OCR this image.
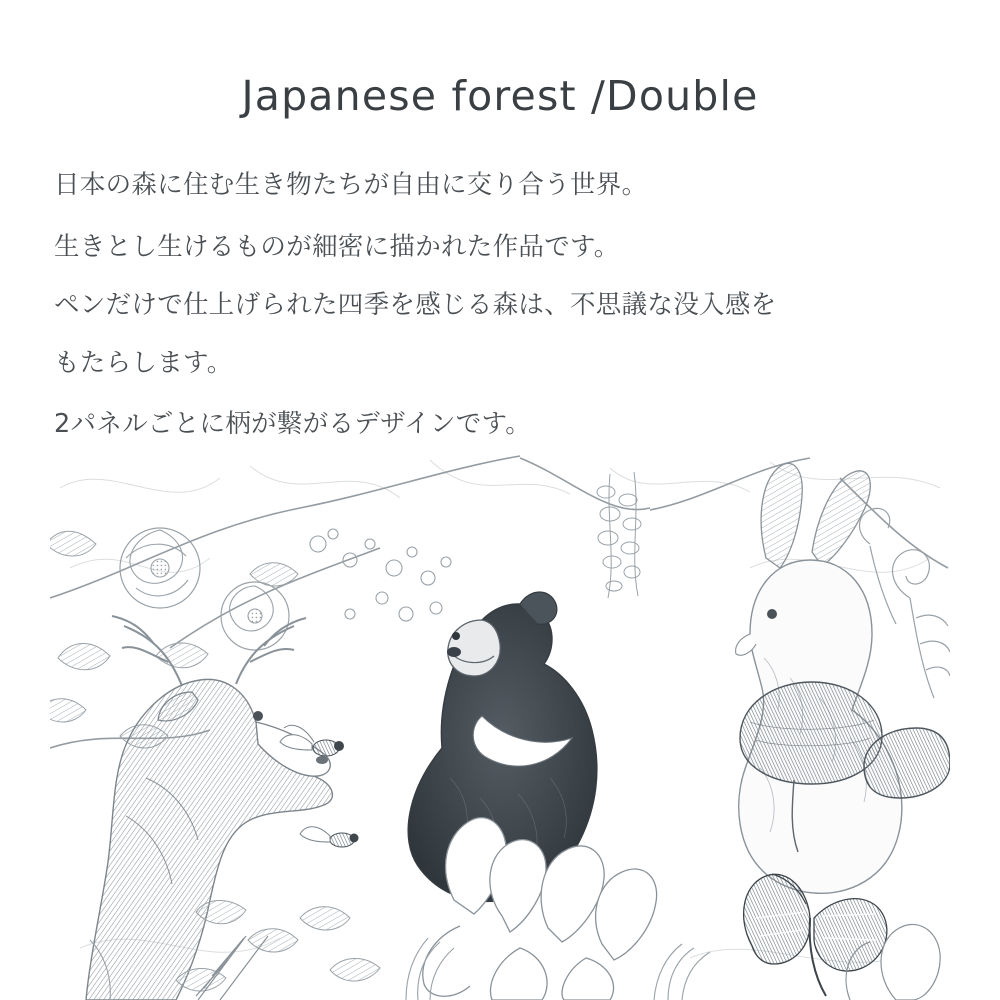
Japanese forest /Double

日本の森に住む生き物たちが自由に交り合う世界。

生きとし生けるものが細密に描かれた作品です。

ペンだけで仕上げられた四季を感じる森は、不思議な没入感を

もたらします。

2パネルごとに柄が繋がるデザインです。
